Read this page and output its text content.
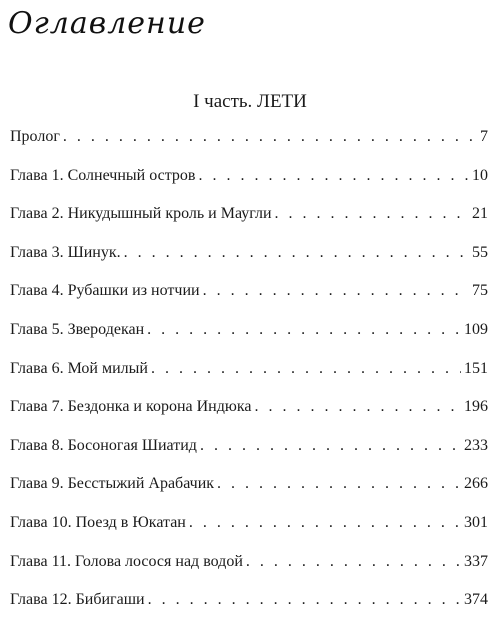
Оглавление
I часть. ЛЕТИ
Пролог . . .	7
Глава 1. Солнечный остров . . .	10
Глава 2. Никудышный кроль и Маугли . . .	21
Глава 3. Шинук. . . .	55
Глава 4. Рубашки из нотчии . . .	75
Глава 5. Зверодекан . . .	109
Глава 6. Мой милый . . .	151
Глава 7. Бездонка и корона Индюка . . .	196
Глава 8. Босоногая Шиатид . . .	233
Глава 9. Бесстыжий Арабачик . . .	266
Глава 10. Поезд в Юкатан . . .	301
Глава 11. Голова лосося над водой . . .	337
Глава 12. Бибигаши . . .	374
